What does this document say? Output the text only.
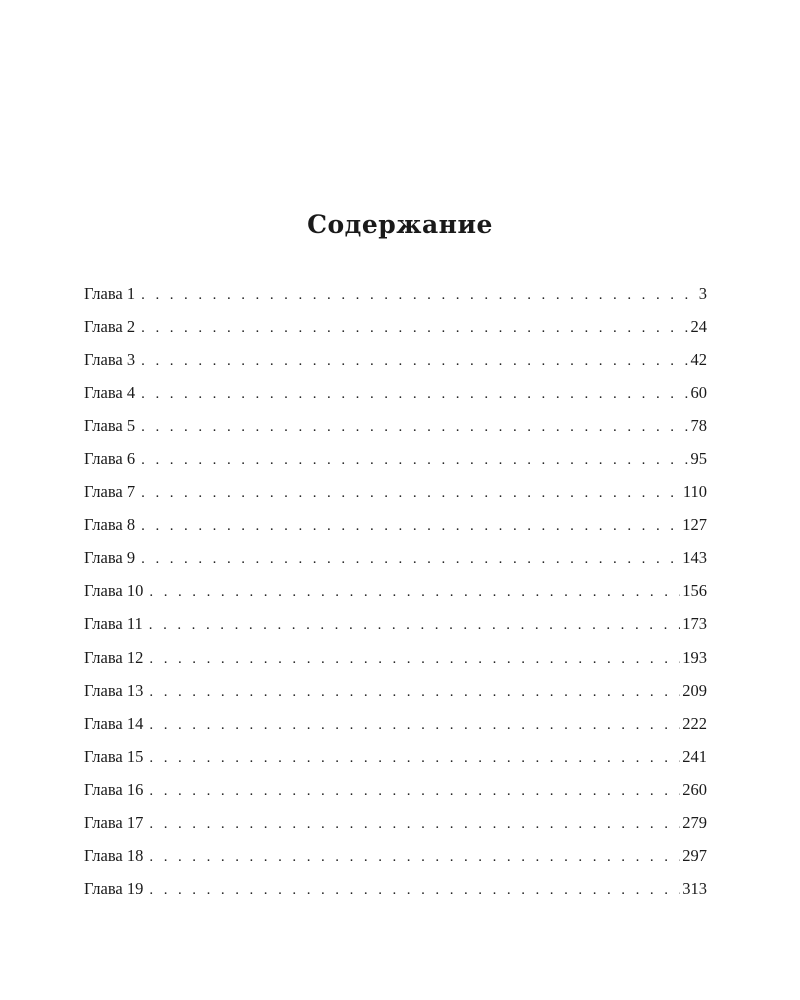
Содержание
Глава 1 . . .	3
Глава 2 . . .	24
Глава 3 . . .	42
Глава 4 . . .	60
Глава 5 . . .	78
Глава 6 . . .	95
Глава 7 . . .	110
Глава 8 . . .	127
Глава 9 . . .	143
Глава 10 . . .	156
Глава 11 . . .	173
Глава 12 . . .	193
Глава 13 . . .	209
Глава 14 . . .	222
Глава 15 . . .	241
Глава 16 . . .	260
Глава 17 . . .	279
Глава 18 . . .	297
Глава 19 . . .	313
